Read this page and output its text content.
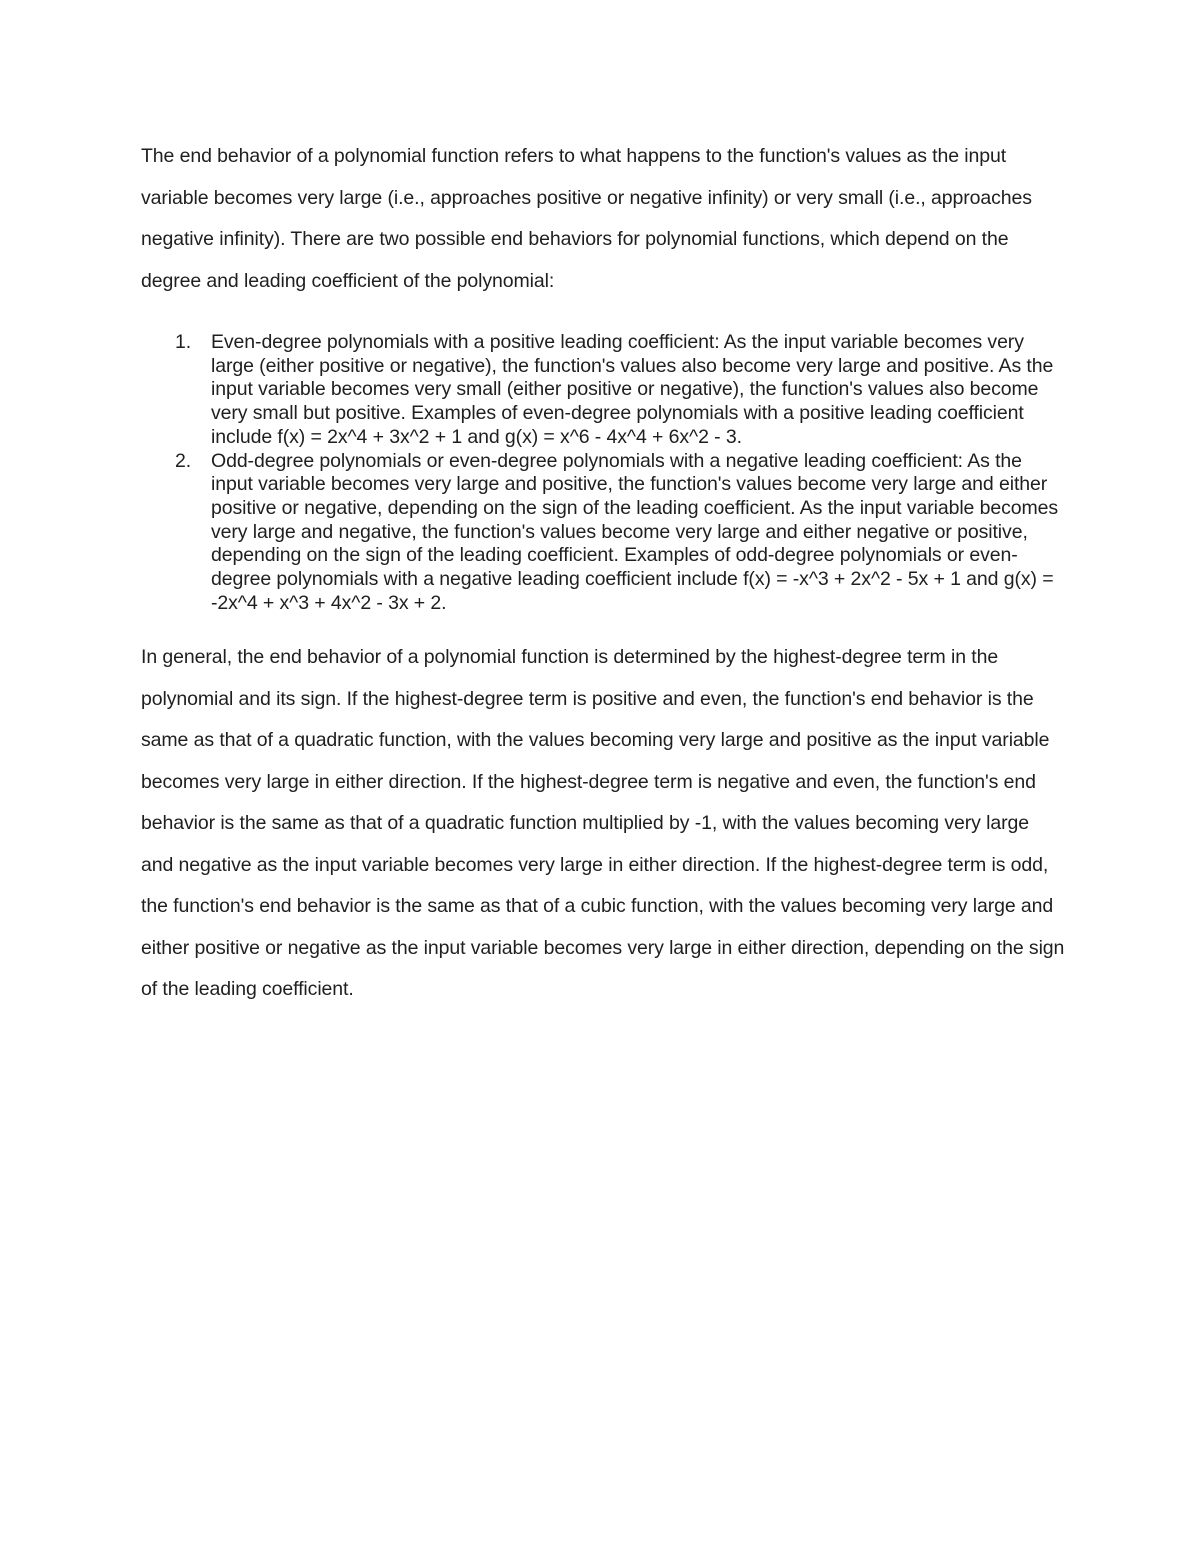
The end behavior of a polynomial function refers to what happens to the function's values as the input variable becomes very large (i.e., approaches positive or negative infinity) or very small (i.e., approaches negative infinity). There are two possible end behaviors for polynomial functions, which depend on the degree and leading coefficient of the polynomial:

1. Even-degree polynomials with a positive leading coefficient: As the input variable becomes very large (either positive or negative), the function's values also become very large and positive. As the input variable becomes very small (either positive or negative), the function's values also become very small but positive. Examples of even-degree polynomials with a positive leading coefficient include f(x) = 2x^4 + 3x^2 + 1 and g(x) = x^6 - 4x^4 + 6x^2 - 3.
2. Odd-degree polynomials or even-degree polynomials with a negative leading coefficient: As the input variable becomes very large and positive, the function's values become very large and either positive or negative, depending on the sign of the leading coefficient. As the input variable becomes very large and negative, the function's values become very large and either negative or positive, depending on the sign of the leading coefficient. Examples of odd-degree polynomials or even-degree polynomials with a negative leading coefficient include f(x) = -x^3 + 2x^2 - 5x + 1 and g(x) = -2x^4 + x^3 + 4x^2 - 3x + 2.

In general, the end behavior of a polynomial function is determined by the highest-degree term in the polynomial and its sign. If the highest-degree term is positive and even, the function's end behavior is the same as that of a quadratic function, with the values becoming very large and positive as the input variable becomes very large in either direction. If the highest-degree term is negative and even, the function's end behavior is the same as that of a quadratic function multiplied by -1, with the values becoming very large and negative as the input variable becomes very large in either direction. If the highest-degree term is odd, the function's end behavior is the same as that of a cubic function, with the values becoming very large and either positive or negative as the input variable becomes very large in either direction, depending on the sign of the leading coefficient.
